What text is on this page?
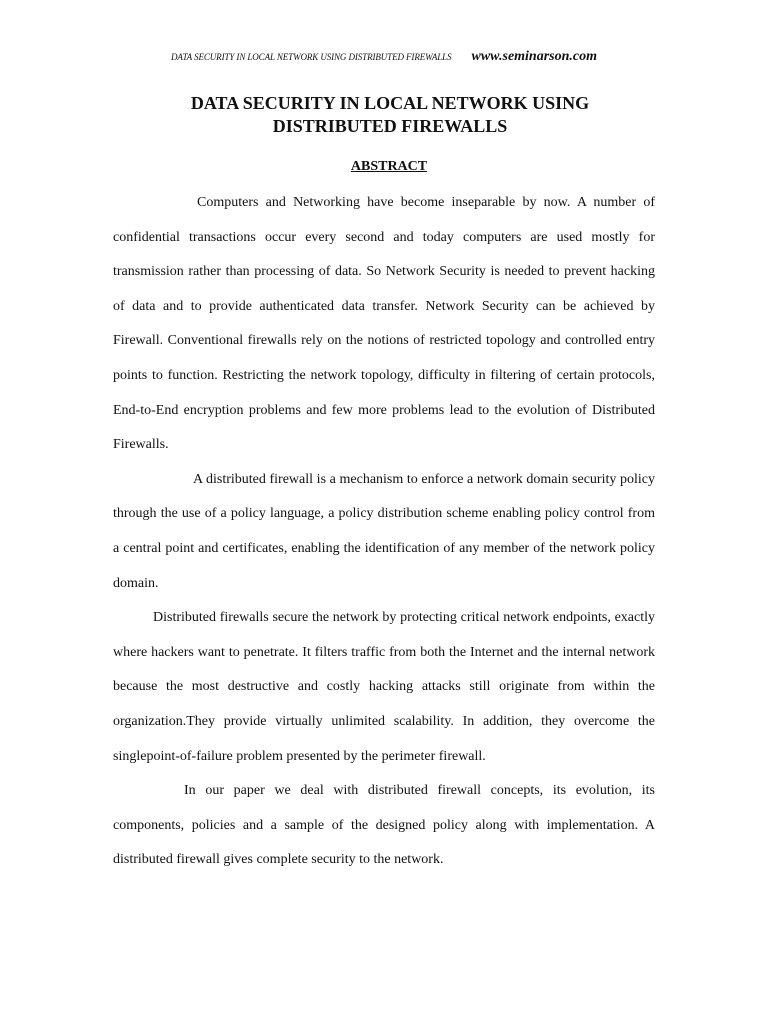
DATA SECURITY IN LOCAL NETWORK USING DISTRIBUTED FIREWALLS www.seminarson.com
DATA SECURITY IN LOCAL NETWORK USING
DISTRIBUTED FIREWALLS
ABSTRACT

Computers and Networking have become inseparable by now. A number of confidential transactions occur every second and today computers are used mostly for transmission rather than processing of data. So Network Security is needed to prevent hacking of data and to provide authenticated data transfer. Network Security can be achieved by Firewall. Conventional firewalls rely on the notions of restricted topology and controlled entry points to function. Restricting the network topology, difficulty in filtering of certain protocols, End-to-End encryption problems and few more problems lead to the evolution of Distributed Firewalls.

A distributed firewall is a mechanism to enforce a network domain security policy through the use of a policy language, a policy distribution scheme enabling policy control from a central point and certificates, enabling the identification of any member of the network policy domain.

Distributed firewalls secure the network by protecting critical network endpoints, exactly where hackers want to penetrate. It filters traffic from both the Internet and the internal network because the most destructive and costly hacking attacks still originate from within the organization.They provide virtually unlimited scalability. In addition, they overcome the singlepoint-of-failure problem presented by the perimeter firewall.

In our paper we deal with distributed firewall concepts, its evolution, its components, policies and a sample of the designed policy along with implementation. A distributed firewall gives complete security to the network.
